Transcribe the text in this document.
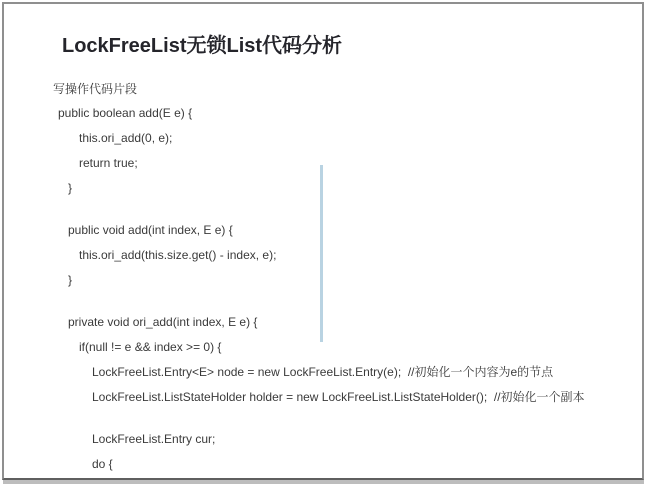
LockFreeList无锁List代码分析
写操作代码片段
public boolean add(E e) {
this.ori_add(0, e);
return true;
}
public void add(int index, E e) {
this.ori_add(this.size.get() - index, e);
}
private void ori_add(int index, E e) {
if(null != e && index >= 0) {
LockFreeList.Entry<E> node = new LockFreeList.Entry(e);  //初始化一个内容为e的节点
LockFreeList.ListStateHolder holder = new LockFreeList.ListStateHolder();  //初始化一个副本
LockFreeList.Entry cur;
do {
